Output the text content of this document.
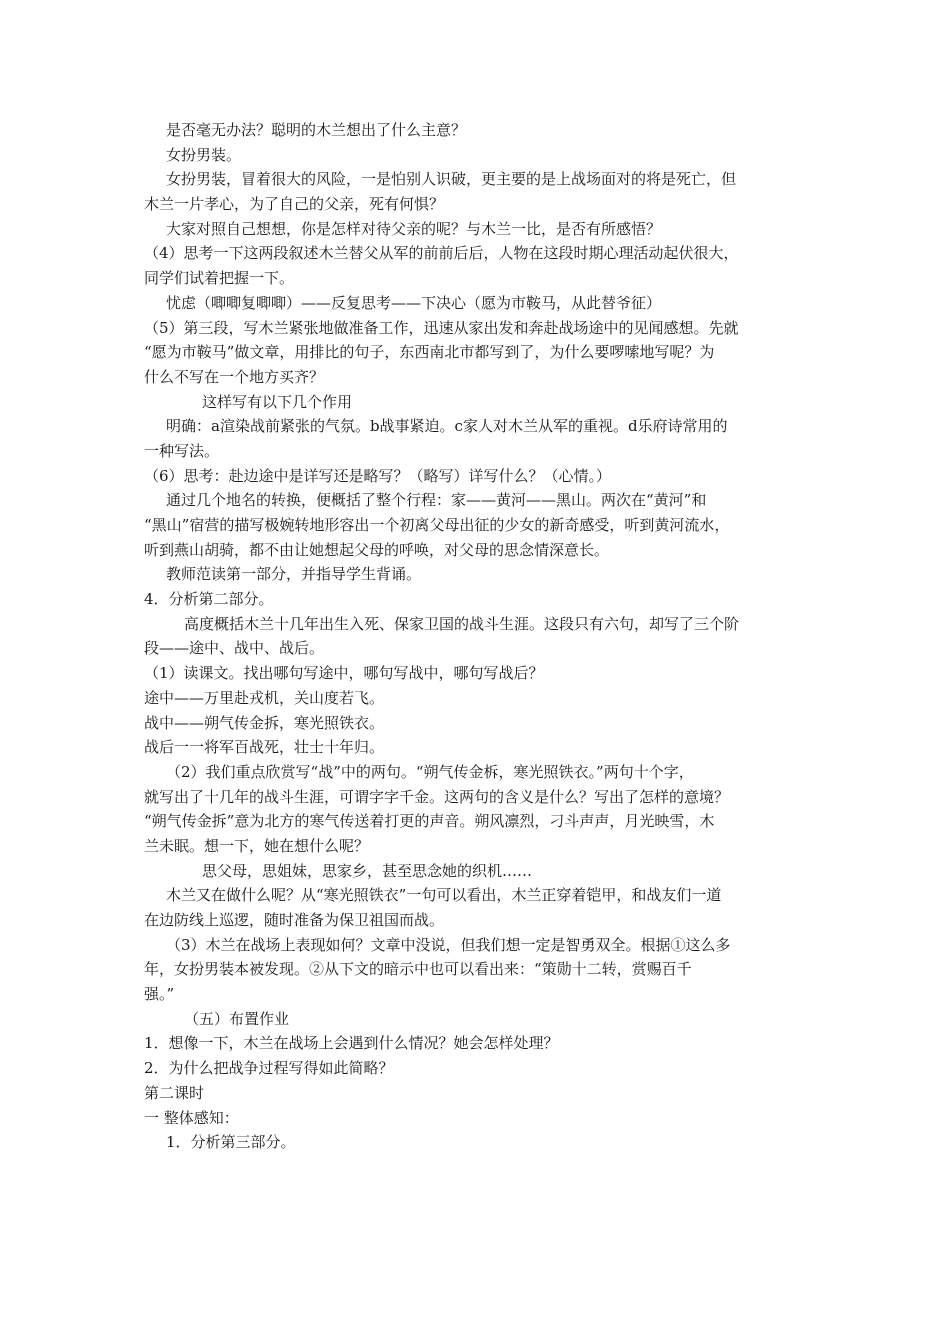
是否毫无办法？聪明的木兰想出了什么主意？
女扮男装。
女扮男装，冒着很大的风险，一是怕别人识破，更主要的是上战场面对的将是死亡，但
木兰一片孝心，为了自己的父亲，死有何惧？
大家对照自己想想，你是怎样对待父亲的呢？与木兰一比，是否有所感悟？
（4）思考一下这两段叙述木兰替父从军的前前后后，人物在这段时期心理活动起伏很大，
同学们试着把握一下。
忧虑（唧唧复唧唧）——反复思考——下决心（愿为市鞍马，从此替爷征）
（5）第三段，写木兰紧张地做准备工作，迅速从家出发和奔赴战场途中的见闻感想。先就
“愿为市鞍马”做文章，用排比的句子，东西南北市都写到了，为什么要啰嗦地写呢？为
什么不写在一个地方买齐？
这样写有以下几个作用
明确：a渲染战前紧张的气氛。b战事紧迫。c家人对木兰从军的重视。d乐府诗常用的
一种写法。
（6）思考：赴边途中是详写还是略写？（略写）详写什么？（心情。）
通过几个地名的转换，便概括了整个行程：家——黄河——黑山。两次在“黄河”和
“黑山”宿营的描写极婉转地形容出一个初离父母出征的少女的新奇感受，听到黄河流水，
听到燕山胡骑，都不由让她想起父母的呼唤，对父母的思念情深意长。
教师范读第一部分，并指导学生背诵。
4．分析第二部分。
高度概括木兰十几年出生入死、保家卫国的战斗生涯。这段只有六句，却写了三个阶
段——途中、战中、战后。
（1）读课文。找出哪句写途中，哪句写战中，哪句写战后？
途中——万里赴戎机，关山度若飞。
战中——朔气传金拆，寒光照铁衣。
战后一一将军百战死，壮士十年归。
（2）我们重点欣赏写“战”中的两句。“朔气传金柝，寒光照铁衣。”两句十个字，
就写出了十几年的战斗生涯，可谓字字千金。这两句的含义是什么？写出了怎样的意境？
“朔气传金拆”意为北方的寒气传送着打更的声音。朔风凛烈，刁斗声声，月光映雪，木
兰未眠。想一下，她在想什么呢？
思父母，思姐妹，思家乡，甚至思念她的织机……
木兰又在做什么呢？从“寒光照铁衣”一句可以看出，木兰正穿着铠甲，和战友们一道
在边防线上巡逻，随时准备为保卫祖国而战。
（3）木兰在战场上表现如何？文章中没说，但我们想一定是智勇双全。根据①这么多
年，女扮男装本被发现。②从下文的暗示中也可以看出来：“策勋十二转，赏赐百千
强。”
（五）布置作业
1．想像一下，木兰在战场上会遇到什么情况？她会怎样处理？
2．为什么把战争过程写得如此简略？
第二课时
一 整体感知：
1．分析第三部分。
